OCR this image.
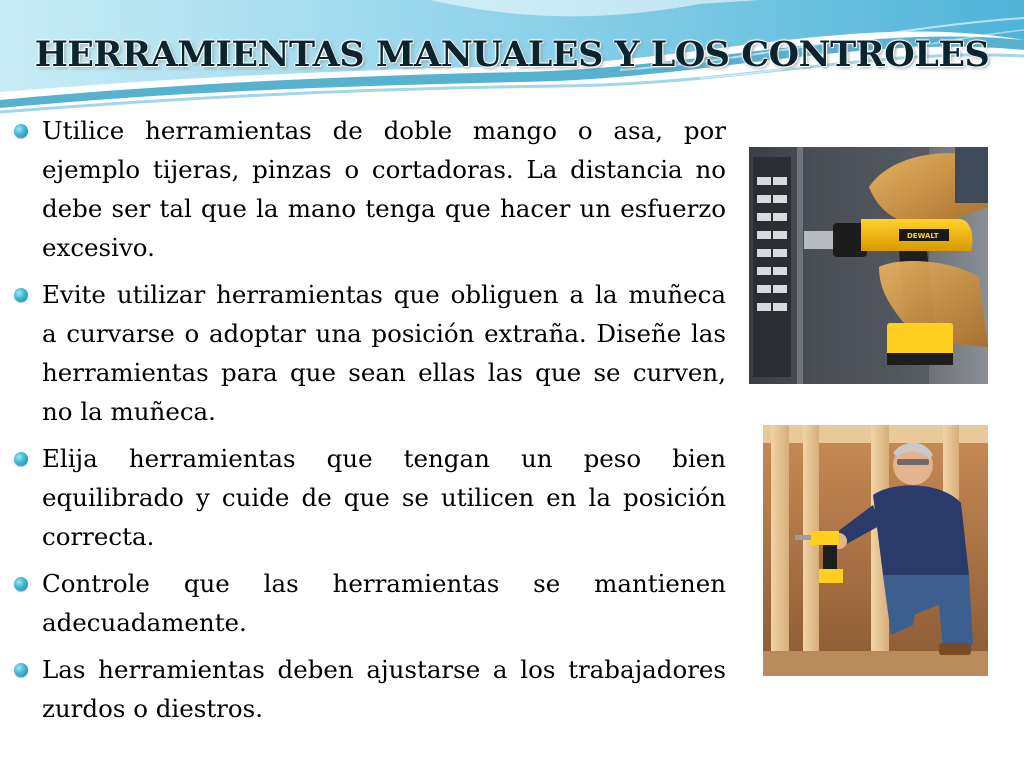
HERRAMIENTAS MANUALES Y LOS CONTROLES
Utilice herramientas de doble mango o asa, por ejemplo tijeras, pinzas o cortadoras. La distancia no debe ser tal que la mano tenga que hacer un esfuerzo excesivo.
Evite utilizar herramientas que obliguen a la muñeca a curvarse o adoptar una posición extraña. Diseñe las herramientas para que sean ellas las que se curven, no la muñeca.
Elija herramientas que tengan un peso bien equilibrado y cuide de que se utilicen en la posición correcta.
Controle que las herramientas se mantienen adecuadamente.
Las herramientas deben ajustarse a los trabajadores zurdos o diestros.
DEWALT
